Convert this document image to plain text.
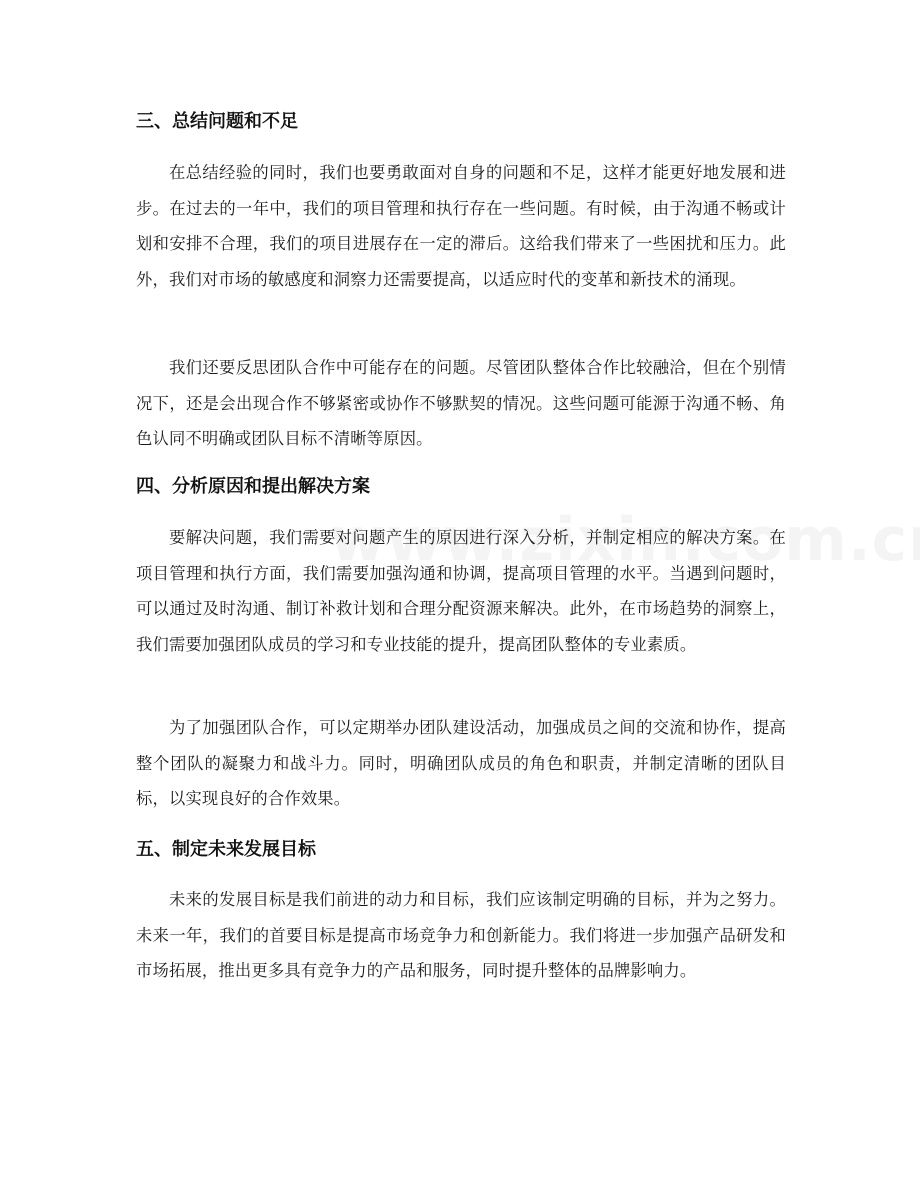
三、总结问题和不足

在总结经验的同时，我们也要勇敢面对自身的问题和不足，这样才能更好地发展和进步。在过去的一年中，我们的项目管理和执行存在一些问题。有时候，由于沟通不畅或计划和安排不合理，我们的项目进展存在一定的滞后。这给我们带来了一些困扰和压力。此外，我们对市场的敏感度和洞察力还需要提高，以适应时代的变革和新技术的涌现。

我们还要反思团队合作中可能存在的问题。尽管团队整体合作比较融洽，但在个别情况下，还是会出现合作不够紧密或协作不够默契的情况。这些问题可能源于沟通不畅、角色认同不明确或团队目标不清晰等原因。

四、分析原因和提出解决方案

要解决问题，我们需要对问题产生的原因进行深入分析，并制定相应的解决方案。在项目管理和执行方面，我们需要加强沟通和协调，提高项目管理的水平。当遇到问题时，可以通过及时沟通、制订补救计划和合理分配资源来解决。此外，在市场趋势的洞察上，我们需要加强团队成员的学习和专业技能的提升，提高团队整体的专业素质。

为了加强团队合作，可以定期举办团队建设活动，加强成员之间的交流和协作，提高整个团队的凝聚力和战斗力。同时，明确团队成员的角色和职责，并制定清晰的团队目标，以实现良好的合作效果。

五、制定未来发展目标

未来的发展目标是我们前进的动力和目标，我们应该制定明确的目标，并为之努力。未来一年，我们的首要目标是提高市场竞争力和创新能力。我们将进一步加强产品研发和市场拓展，推出更多具有竞争力的产品和服务，同时提升整体的品牌影响力。
